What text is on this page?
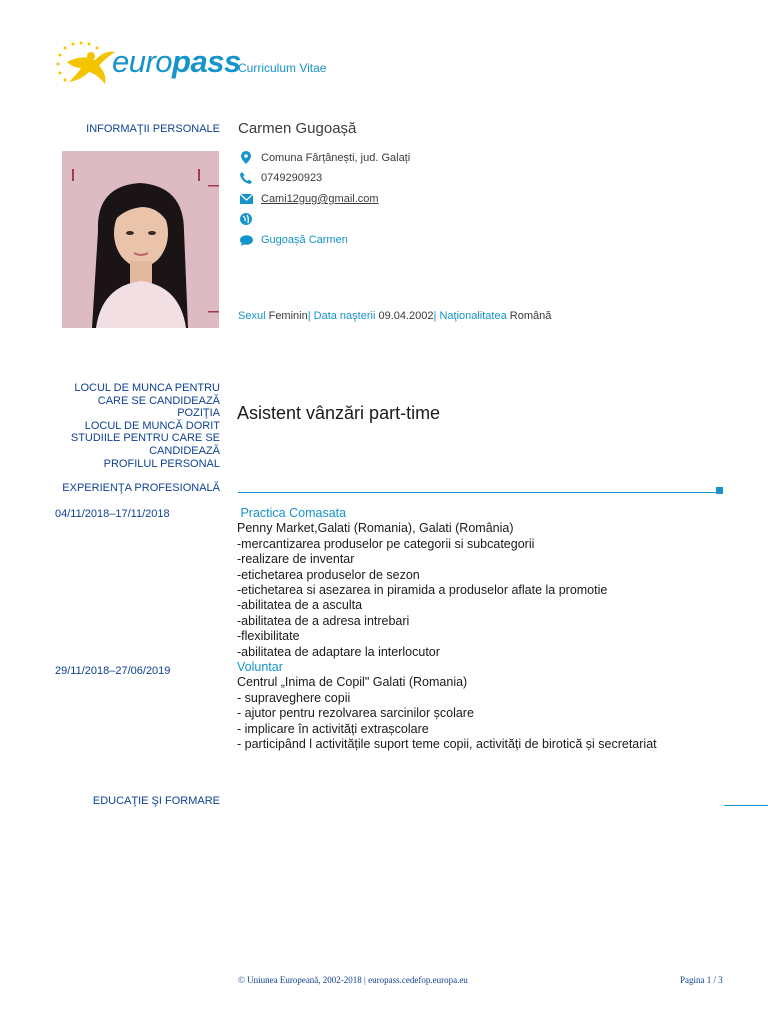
europass
Curriculum Vitae
INFORMAŢII PERSONALE Carmen Gugoașă
Comuna Fârțânești, jud. Galați
0749290923
Cami12gug@gmail.com
Gugoașă Carmen
Sexul Feminin| Data naşterii 09.04.2002| Naţionalitatea Română
LOCUL DE MUNCA PENTRU
CARE SE CANDIDEAZĂ
POZIŢIA
LOCUL DE MUNCĂ DORIT
STUDIILE PENTRU CARE SE
CANDIDEAZĂ
PROFILUL PERSONAL
Asistent vânzări part-time
EXPERIENŢA PROFESIONALĂ
04/11/2018–17/11/2018	Practica Comasata
Penny Market,Galati (Romania), Galati (România)
-mercantizarea produselor pe categorii si subcategorii
-realizare de inventar
-etichetarea produselor de sezon
-etichetarea si asezarea in piramida a produselor aflate la promotie
-abilitatea de a asculta
-abilitatea de a adresa intrebari
-flexibilitate
-abilitatea de adaptare la interlocutor
29/11/2018–27/06/2019	Voluntar
Centrul „Inima de Copil" Galati (Romania)
- supraveghere copii
- ajutor pentru rezolvarea sarcinilor școlare
- implicare în activități extrașcolare
- participând l activitățile suport teme copii, activități de birotică și secretariat
EDUCAŢIE ŞI FORMARE
© Uniunea Europeană, 2002-2018 | europass.cedefop.europa.eu	Pagina 1 / 3
